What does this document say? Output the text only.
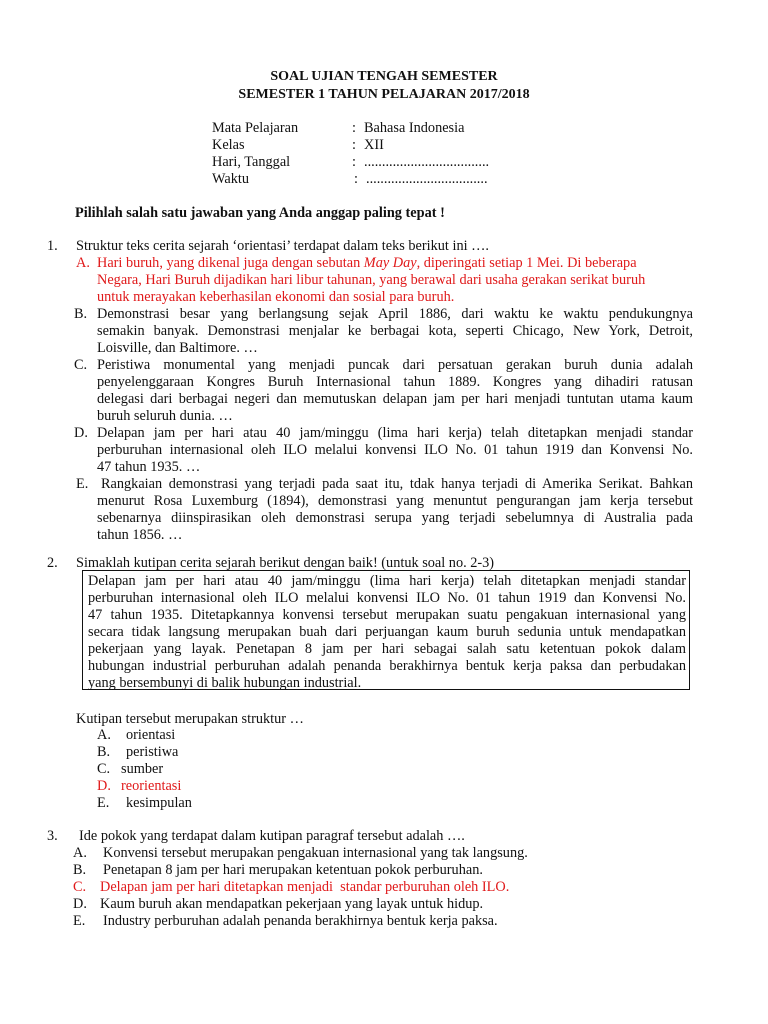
SOAL UJIAN TENGAH SEMESTER
SEMESTER 1 TAHUN PELAJARAN 2017/2018
Mata Pelajaran	: Bahasa Indonesia
Kelas	: XII
Hari, Tanggal	: ...................................
Waktu	: ..................................
Pilihlah salah satu jawaban yang Anda anggap paling tepat !
1. Struktur teks cerita sejarah ‘orientasi’ terdapat dalam teks berikut ini ….
A. Hari buruh, yang dikenal juga dengan sebutan May Day, diperingati setiap 1 Mei. Di beberapa
Negara, Hari Buruh dijadikan hari libur tahunan, yang berawal dari usaha gerakan serikat buruh
untuk merayakan keberhasilan ekonomi dan sosial para buruh.
B. Demonstrasi besar yang berlangsung sejak April 1886, dari waktu ke waktu pendukungnya
semakin banyak. Demonstrasi menjalar ke berbagai kota, seperti Chicago, New York, Detroit,
Loisville, dan Baltimore. …
C. Peristiwa monumental yang menjadi puncak dari persatuan gerakan buruh dunia adalah
penyelenggaraan Kongres Buruh Internasional tahun 1889. Kongres yang dihadiri ratusan
delegasi dari berbagai negeri dan memutuskan delapan jam per hari menjadi tuntutan utama kaum
buruh seluruh dunia. …
D. Delapan jam per hari atau 40 jam/minggu (lima hari kerja) telah ditetapkan menjadi standar
perburuhan internasional oleh ILO melalui konvensi ILO No. 01 tahun 1919 dan Konvensi No.
47 tahun 1935. …
E. Rangkaian demonstrasi yang terjadi pada saat itu, tdak hanya terjadi di Amerika Serikat. Bahkan
menurut Rosa Luxemburg (1894), demonstrasi yang menuntut pengurangan jam kerja tersebut
sebenarnya diinspirasikan oleh demonstrasi serupa yang terjadi sebelumnya di Australia pada
tahun 1856. …
2. Simaklah kutipan cerita sejarah berikut dengan baik! (untuk soal no. 2-3)
Delapan jam per hari atau 40 jam/minggu (lima hari kerja) telah ditetapkan menjadi standar
perburuhan internasional oleh ILO melalui konvensi ILO No. 01 tahun 1919 dan Konvensi No.
47 tahun 1935. Ditetapkannya konvensi tersebut merupakan suatu pengakuan internasional yang
secara tidak langsung merupakan buah dari perjuangan kaum buruh sedunia untuk mendapatkan
pekerjaan yang layak. Penetapan 8 jam per hari sebagai salah satu ketentuan pokok dalam
hubungan industrial perburuhan adalah penanda berakhirnya bentuk kerja paksa dan perbudakan
yang bersembunyi di balik hubungan industrial.
Kutipan tersebut merupakan struktur …
A. orientasi
B. peristiwa
C. sumber
D. reorientasi
E. kesimpulan
3. Ide pokok yang terdapat dalam kutipan paragraf tersebut adalah ….
A. Konvensi tersebut merupakan pengakuan internasional yang tak langsung.
B. Penetapan 8 jam per hari merupakan ketentuan pokok perburuhan.
C. Delapan jam per hari ditetapkan menjadi  standar perburuhan oleh ILO.
D. Kaum buruh akan mendapatkan pekerjaan yang layak untuk hidup.
E. Industry perburuhan adalah penanda berakhirnya bentuk kerja paksa.
